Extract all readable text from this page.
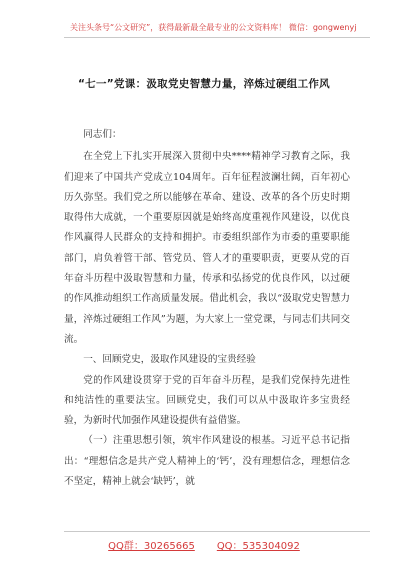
关注头条号“公文研究”，获得最新最全最专业的公文资料库！ 微信：gongwenyj
“七一”党课：汲取党史智慧力量，淬炼过硬组工作风

同志们：

在全党上下扎实开展深入贯彻中央****精神学习教育之际，我们迎来了中国共产党成立104周年。百年征程波澜壮阔，百年初心历久弥坚。我们党之所以能够在革命、建设、改革的各个历史时期取得伟大成就，一个重要原因就是始终高度重视作风建设，以优良作风赢得人民群众的支持和拥护。市委组织部作为市委的重要职能部门，肩负着管干部、管党员、管人才的重要职责，更要从党的百年奋斗历程中汲取智慧和力量，传承和弘扬党的优良作风，以过硬的作风推动组织工作高质量发展。借此机会，我以“汲取党史智慧力量，淬炼过硬组工作风”为题，为大家上一堂党课，与同志们共同交流。

一、回顾党史，汲取作风建设的宝贵经验

党的作风建设贯穿于党的百年奋斗历程，是我们党保持先进性和纯洁性的重要法宝。回顾党史，我们可以从中汲取许多宝贵经验，为新时代加强作风建设提供有益借鉴。

（一）注重思想引领，筑牢作风建设的根基。习近平总书记指出：“理想信念是共产党人精神上的‘钙’，没有理想信念，理想信念不坚定，精神上就会‘缺钙’，就

QQ群：30265665 QQ：535304092
